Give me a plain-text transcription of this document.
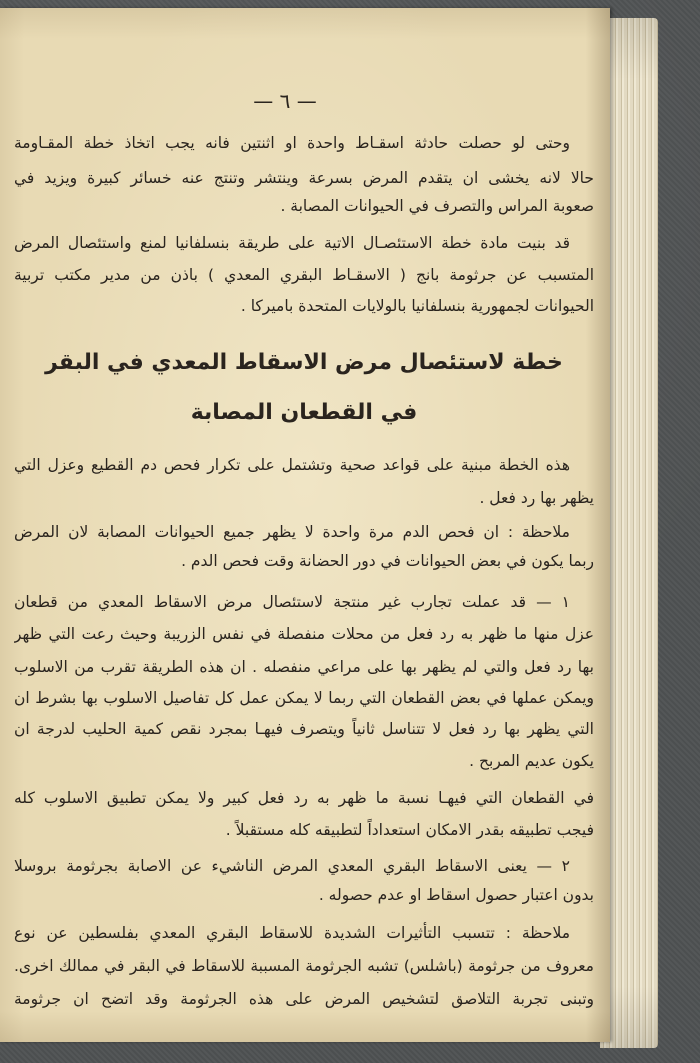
— ٦ —
وحتى لو حصلت حادثة اسقـاط واحدة او اثنتين فانه يجب اتخاذ خطة المقـاومة
حالا لانه يخشى ان يتقدم المرض بسرعة وينتشر وتنتج عنه خسائر كبيرة ويزيد في
صعوبة المراس والتصرف في الحيوانات المصابة .
قد بنيت مادة خطة الاستئصـال الاتية على طريقة بنسلفانيا لمنع واستئصال المرض
المتسبب عن جرثومة بانج ( الاسقـاط البقري المعدي ) باذن من مدير مكتب تربية
الحيوانات لجمهورية بنسلفانيا بالولايات المتحدة باميركا .
خطة لاستئصال مرض الاسقاط المعدي في البقر
في القطعان المصابة
هذه الخطة مبنية على قواعد صحية وتشتمل على تكرار فحص دم القطيع وعزل التي
يظهر بها رد فعل .
ملاحظة : ان فحص الدم مرة واحدة لا يظهر جميع الحيوانات المصابة لان المرض
ربما يكون في بعض الحيوانات في دور الحضانة وقت فحص الدم .
١ — قد عملت تجارب غير منتجة لاستئصال مرض الاسقاط المعدي من قطعان
عزل منها ما ظهر به رد فعل من محلات منفصلة في نفس الزريبة وحيث رعت التي ظهر
بها رد فعل والتي لم يظهر بها على مراعي منفصله . ان هذه الطريقة تقرب من الاسلوب
ويمكن عملها في بعض القطعان التي ربما لا يمكن عمل كل تفاصيل الاسلوب بها بشرط ان
التي يظهر بها رد فعل لا تتناسل ثانياً ويتصرف فيهـا بمجرد نقص كمية الحليب لدرجة ان
يكون عديم المربح .
في القطعان التي فيهـا نسبة ما ظهر به رد فعل كبير ولا يمكن تطبيق الاسلوب كله
فيجب تطبيقه بقدر الامكان استعداداً لتطبيقه كله مستقبلاً .
٢ — يعنى الاسقاط البقري المعدي المرض الناشيء عن الاصابة بجرثومة بروسلا
بدون اعتبار حصول اسقاط او عدم حصوله .
ملاحظة : تتسبب التأثيرات الشديدة للاسقاط البقري المعدي بفلسطين عن نوع
معروف من جرثومة (باشلس) تشبه الجرثومة المسببة للاسقاط في البقر في ممالك اخرى.
وتبنى تجربة التلاصق لتشخيص المرض على هذه الجرثومة وقد اتضح ان جرثومة
